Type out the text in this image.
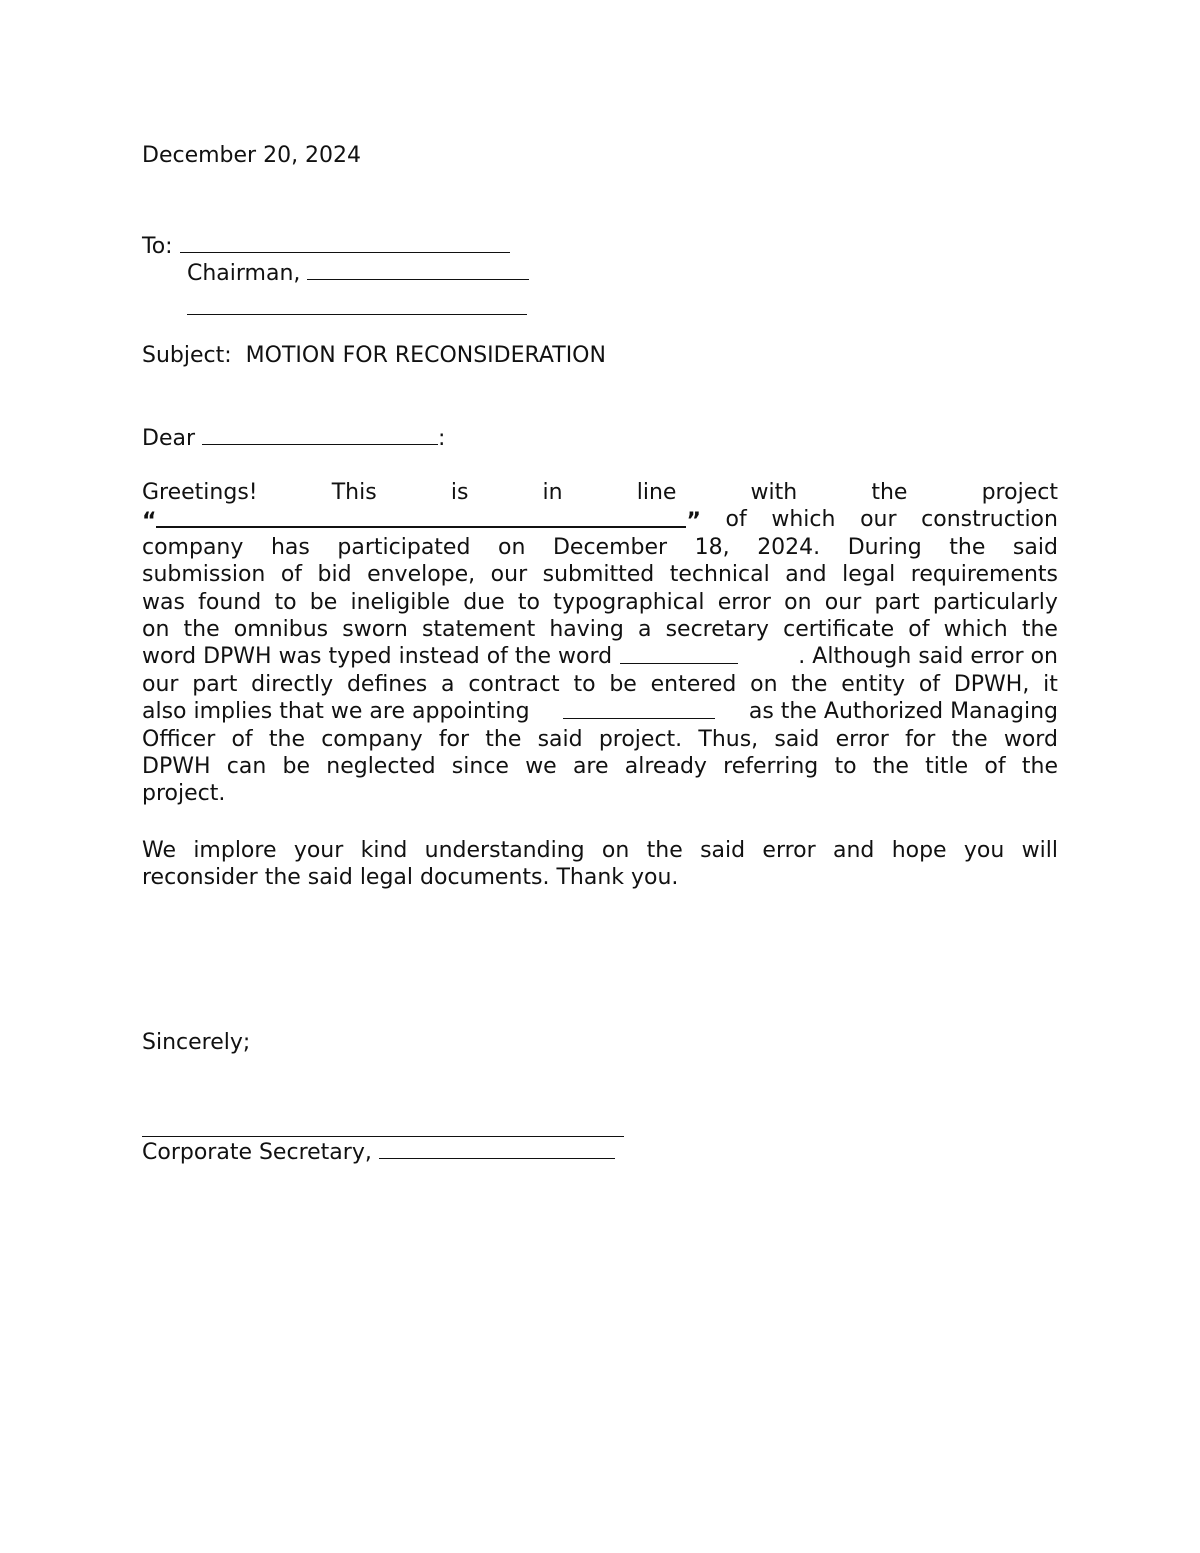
December 20, 2024
To:
Chairman,
Subject: MOTION FOR RECONSIDERATION
Dear	:
Greetings!	This	is	in	line	with	the	project
“	” of which our construction
company has participated on December 18, 2024. During the said
submission of bid envelope, our submitted technical and legal requirements
was found to be ineligible due to typographical error on our part particularly
on the omnibus sworn statement having a secretary certificate of which the
word DPWH was typed instead of the word	. Although said error on
our part directly defines a contract to be entered on the entity of DPWH, it
also implies that we are appointing	as the Authorized Managing
Officer of the company for the said project. Thus, said error for the word
DPWH can be neglected since we are already referring to the title of the
project.
We implore your kind understanding on the said error and hope you will
reconsider the said legal documents. Thank you.
Sincerely;
Corporate Secretary,
